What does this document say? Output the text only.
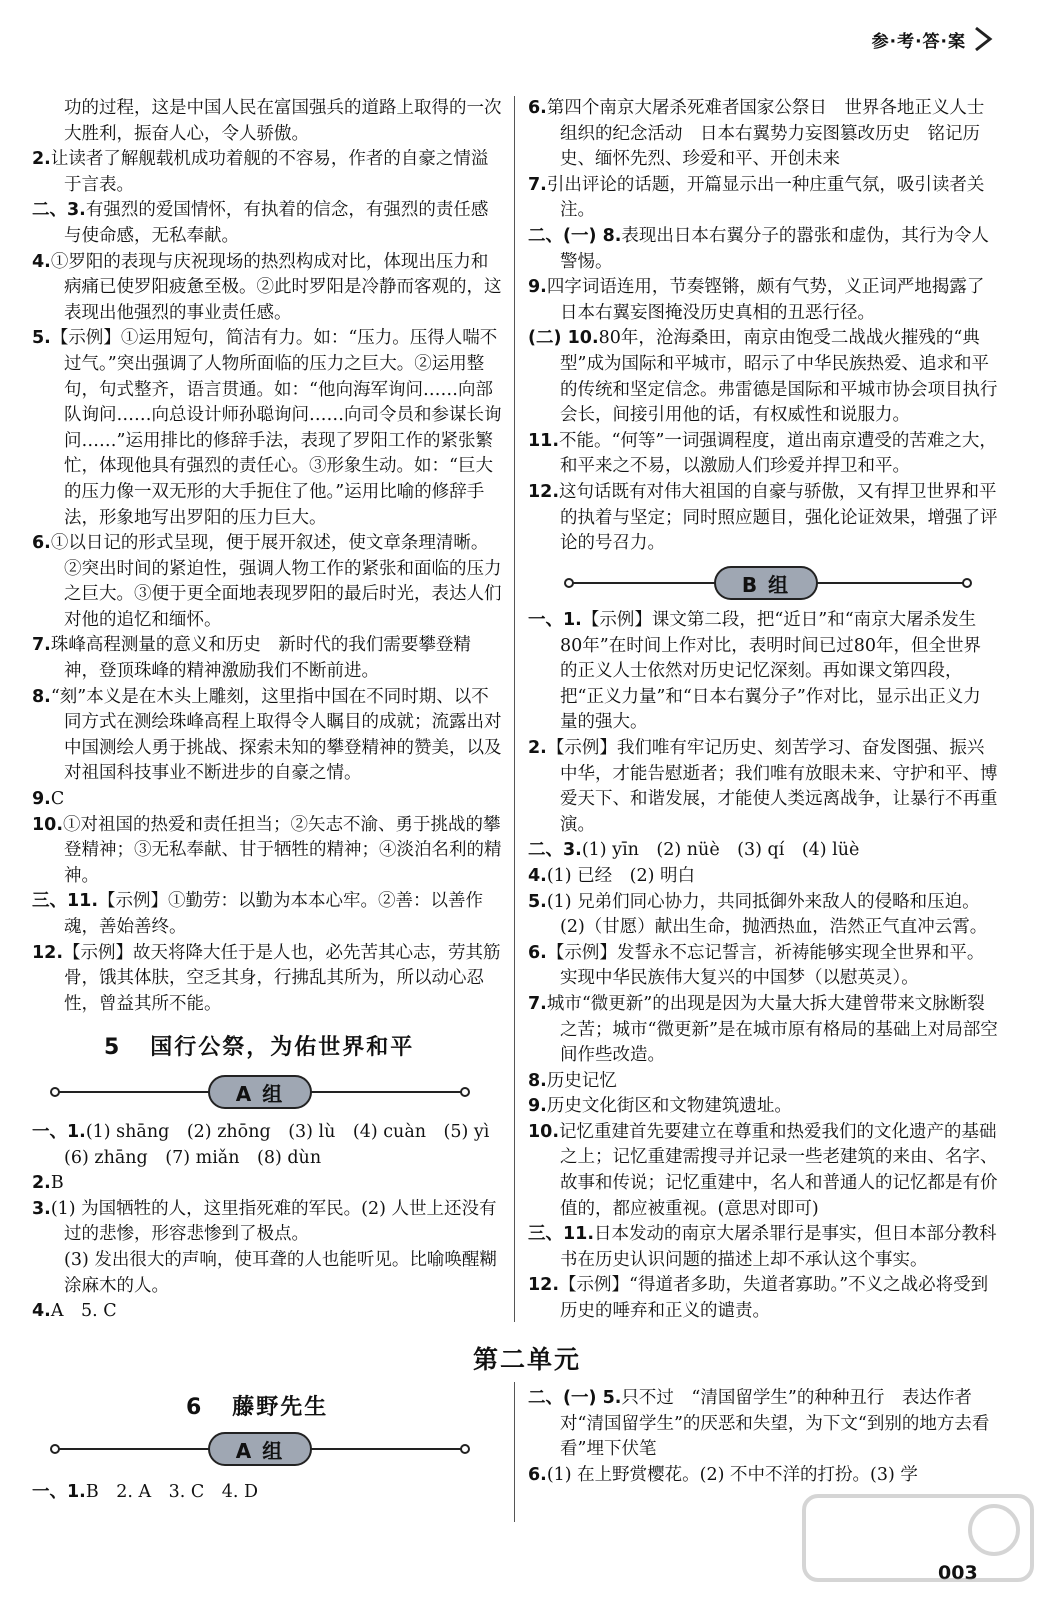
参·考·答·案

功的过程，这是中国人民在富国强兵的道路上取得的一次大胜利，振奋人心，令人骄傲。

2.让读者了解舰载机成功着舰的不容易，作者的自豪之情溢于言表。

二、3.有强烈的爱国情怀，有执着的信念，有强烈的责任感与使命感，无私奉献。

4.①罗阳的表现与庆祝现场的热烈构成对比，体现出压力和病痛已使罗阳疲惫至极。②此时罗阳是冷静而客观的，这表现出他强烈的事业责任感。

5.【示例】①运用短句，简洁有力。如：“压力。压得人喘不过气。”突出强调了人物所面临的压力之巨大。②运用整句，句式整齐，语言贯通。如：“他向海军询问……向部队询问……向总设计师孙聪询问……向司令员和参谋长询问……”运用排比的修辞手法，表现了罗阳工作的紧张繁忙，体现他具有强烈的责任心。③形象生动。如：“巨大的压力像一双无形的大手扼住了他。”运用比喻的修辞手法，形象地写出罗阳的压力巨大。

6.①以日记的形式呈现，便于展开叙述，使文章条理清晰。②突出时间的紧迫性，强调人物工作的紧张和面临的压力之巨大。③便于更全面地表现罗阳的最后时光，表达人们对他的追忆和缅怀。

7.珠峰高程测量的意义和历史　新时代的我们需要攀登精神，登顶珠峰的精神激励我们不断前进。

8.“刻”本义是在木头上雕刻，这里指中国在不同时期、以不同方式在测绘珠峰高程上取得令人瞩目的成就；流露出对中国测绘人勇于挑战、探索未知的攀登精神的赞美，以及对祖国科技事业不断进步的自豪之情。

9.C

10.①对祖国的热爱和责任担当；②矢志不渝、勇于挑战的攀登精神；③无私奉献、甘于牺牲的精神；④淡泊名利的精神。

三、11.【示例】①勤劳：以勤为本本心牢。②善：以善作魂，善始善终。

12.【示例】故天将降大任于是人也，必先苦其心志，劳其筋骨，饿其体肤，空乏其身，行拂乱其所为，所以动心忍性，曾益其所不能。

6.第四个南京大屠杀死难者国家公祭日　世界各地正义人士组织的纪念活动　日本右翼势力妄图篡改历史　铭记历史、缅怀先烈、珍爱和平、开创未来

7.引出评论的话题，开篇显示出一种庄重气氛，吸引读者关注。

二、(一) 8.表现出日本右翼分子的嚣张和虚伪，其行为令人警惕。

9.四字词语连用，节奏铿锵，颇有气势，义正词严地揭露了日本右翼妄图掩没历史真相的丑恶行径。

(二) 10.80年，沧海桑田，南京由饱受二战战火摧残的“典型”成为国际和平城市，昭示了中华民族热爱、追求和平的传统和坚定信念。弗雷德是国际和平城市协会项目执行会长，间接引用他的话，有权威性和说服力。

11.不能。“何等”一词强调程度，道出南京遭受的苦难之大，和平来之不易，以激励人们珍爱并捍卫和平。

12.这句话既有对伟大祖国的自豪与骄傲，又有捍卫世界和平的执着与坚定；同时照应题目，强化论证效果，增强了评论的号召力。

5 国行公祭，为佑世界和平
A 组

一、1.(1) shāng　(2) zhōng　(3) lù　(4) cuàn　(5) yì　(6) zhāng　(7) miǎn　(8) dùn

2.B

3.(1) 为国牺牲的人，这里指死难的军民。(2) 人世上还没有过的悲惨，形容悲惨到了极点。

(3) 发出很大的声响，使耳聋的人也能听见。比喻唤醒糊涂麻木的人。

4.A　5. C

B 组

一、1.【示例】课文第二段，把“近日”和“南京大屠杀发生80年”在时间上作对比，表明时间已过80年，但全世界的正义人士依然对历史记忆深刻。再如课文第四段，把“正义力量”和“日本右翼分子”作对比，显示出正义力量的强大。

2.【示例】我们唯有牢记历史、刻苦学习、奋发图强、振兴中华，才能告慰逝者；我们唯有放眼未来、守护和平、博爱天下、和谐发展，才能使人类远离战争，让暴行不再重演。

二、3.(1) yīn　(2) nüè　(3) qí　(4) lüè

4.(1) 已经　(2) 明白

5.(1) 兄弟们同心协力，共同抵御外来敌人的侵略和压迫。

(2)（甘愿）献出生命，抛洒热血，浩然正气直冲云霄。

6.【示例】发誓永不忘记誓言，祈祷能够实现全世界和平。实现中华民族伟大复兴的中国梦（以慰英灵）。

7.城市“微更新”的出现是因为大量大拆大建曾带来文脉断裂之苦；城市“微更新”是在城市原有格局的基础上对局部空间作些改造。

8.历史记忆

9.历史文化街区和文物建筑遗址。

10.记忆重建首先要建立在尊重和热爱我们的文化遗产的基础之上；记忆重建需搜寻并记录一些老建筑的来由、名字、故事和传说；记忆重建中，名人和普通人的记忆都是有价值的，都应被重视。(意思对即可)

三、11.日本发动的南京大屠杀罪行是事实，但日本部分教科书在历史认识问题的描述上却不承认这个事实。

12.【示例】“得道者多助，失道者寡助。”不义之战必将受到历史的唾弃和正义的谴责。

第二单元
6 藤野先生
A 组

一、1.B　2. A　3. C　4. D

二、(一) 5.只不过　“清国留学生”的种种丑行　表达作者对“清国留学生”的厌恶和失望，为下文“到别的地方去看看”埋下伏笔

6.(1) 在上野赏樱花。(2) 不中不洋的打扮。(3) 学

003
